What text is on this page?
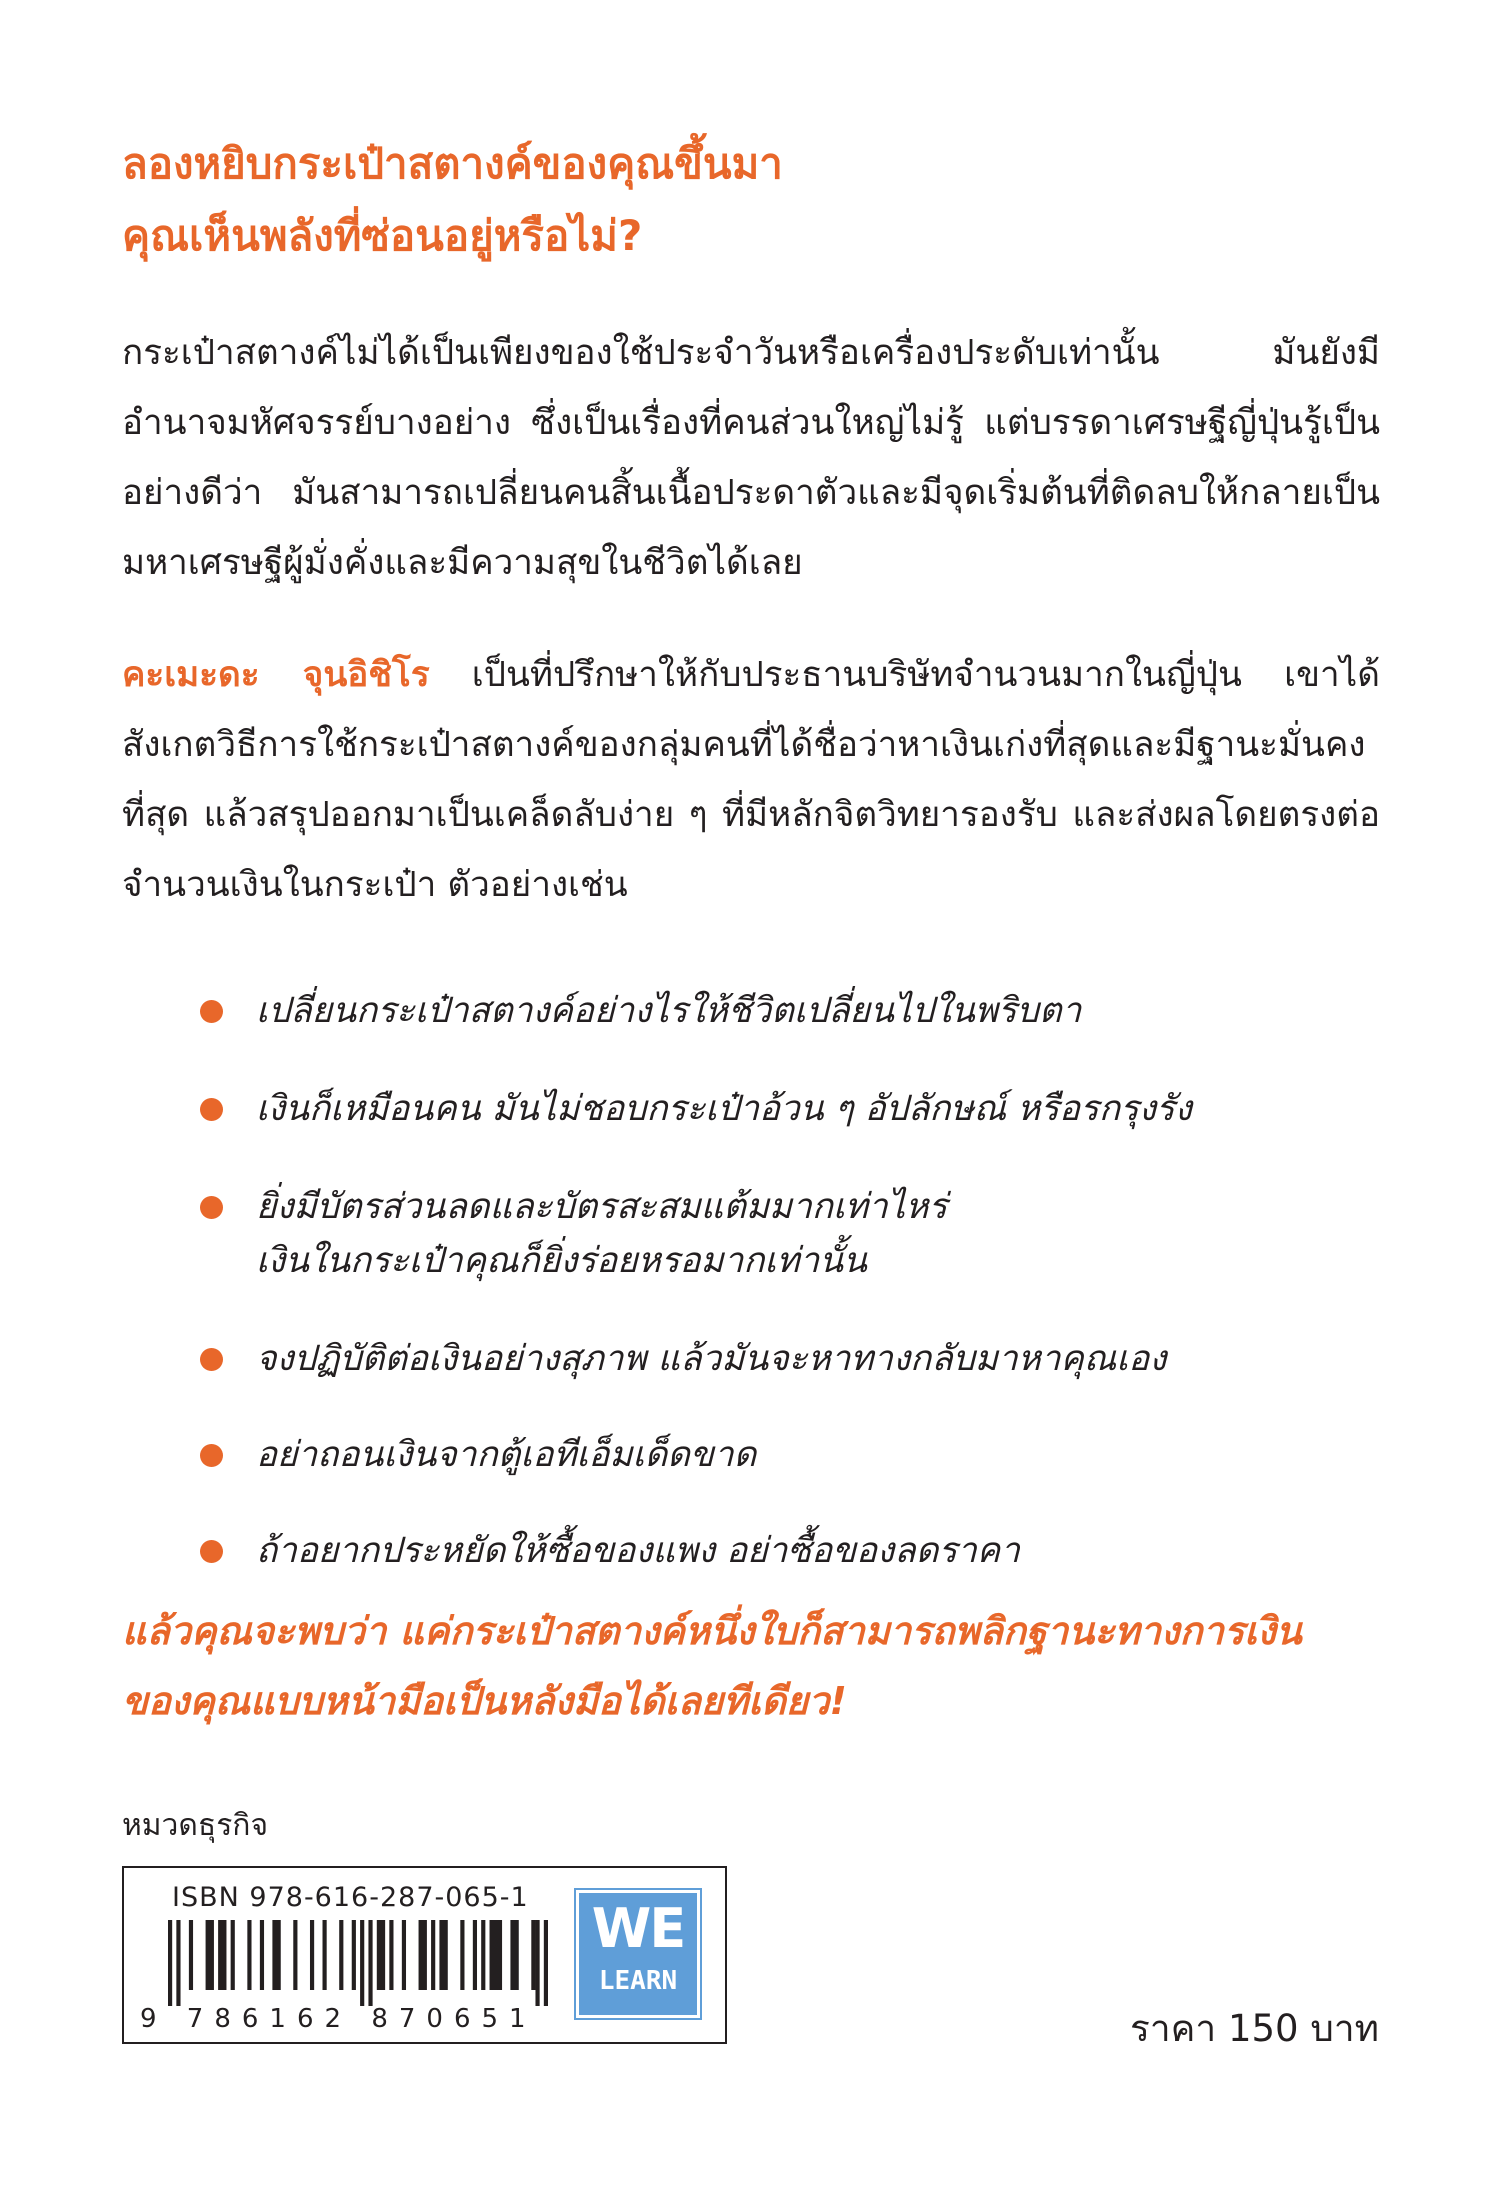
ลองหยิบกระเป๋าสตางค์ของคุณขึ้นมา
คุณเห็นพลังที่ซ่อนอยู่หรือไม่?

กระเป๋าสตางค์ไม่ได้เป็นเพียงของใช้ประจำวันหรือเครื่องประดับเท่านั้น มันยังมีอำนาจมหัศจรรย์บางอย่าง ซึ่งเป็นเรื่องที่คนส่วนใหญ่ไม่รู้ แต่บรรดาเศรษฐีญี่ปุ่นรู้เป็นอย่างดีว่า มันสามารถเปลี่ยนคนสิ้นเนื้อประดาตัวและมีจุดเริ่มต้นที่ติดลบให้กลายเป็นมหาเศรษฐีผู้มั่งคั่งและมีความสุขในชีวิตได้เลย

คะเมะดะ จุนอิชิโร เป็นที่ปรึกษาให้กับประธานบริษัทจำนวนมากในญี่ปุ่น เขาได้สังเกตวิธีการใช้กระเป๋าสตางค์ของกลุ่มคนที่ได้ชื่อว่าหาเงินเก่งที่สุดและมีฐานะมั่นคงที่สุด แล้วสรุปออกมาเป็นเคล็ดลับง่าย ๆ ที่มีหลักจิตวิทยารองรับ และส่งผลโดยตรงต่อจำนวนเงินในกระเป๋า ตัวอย่างเช่น

เปลี่ยนกระเป๋าสตางค์อย่างไรให้ชีวิตเปลี่ยนไปในพริบตา
เงินก็เหมือนคน มันไม่ชอบกระเป๋าอ้วน ๆ อัปลักษณ์ หรือรกรุงรัง
ยิ่งมีบัตรส่วนลดและบัตรสะสมแต้มมากเท่าไหร่
เงินในกระเป๋าคุณก็ยิ่งร่อยหรอมากเท่านั้น
จงปฏิบัติต่อเงินอย่างสุภาพ แล้วมันจะหาทางกลับมาหาคุณเอง
อย่าถอนเงินจากตู้เอทีเอ็มเด็ดขาด
ถ้าอยากประหยัดให้ซื้อของแพง อย่าซื้อของลดราคา
แล้วคุณจะพบว่า แค่กระเป๋าสตางค์หนึ่งใบก็สามารถพลิกฐานะทางการเงิน
ของคุณแบบหน้ามือเป็นหลังมือได้เลยทีเดียว!
หมวดธุรกิจ
ISBN 978-616-287-065-1
9 786162 870651
WE
LEARN
ราคา 150 บาท
